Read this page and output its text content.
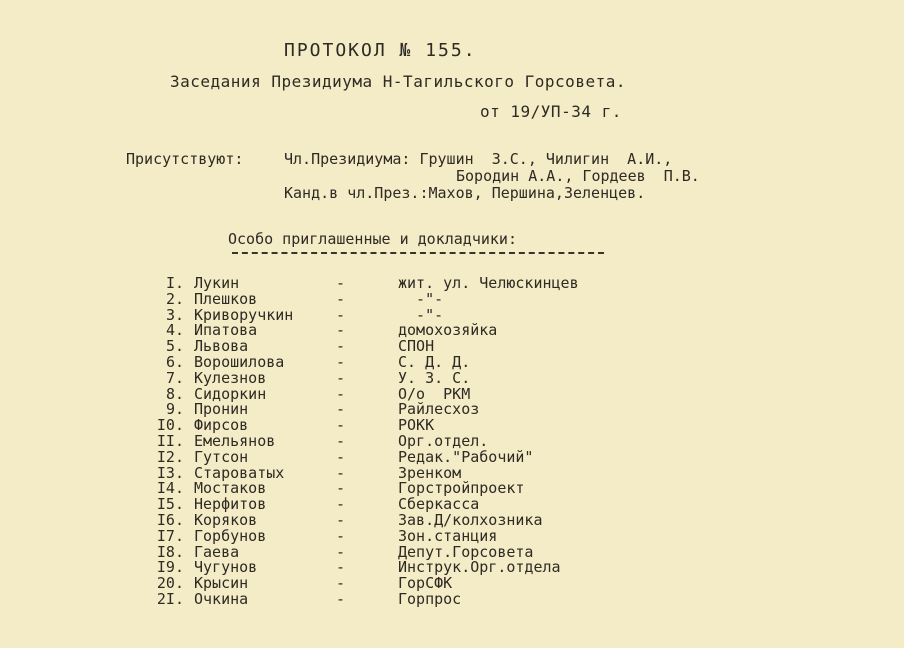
ПРОТОКОЛ № 155.
Заседания Президиума Н-Тагильского Горсовета.
от 19/УП-34 г.
Присутствуют:	Чл.Президиума: Грушин  З.С., Чилигин  А.И.,
Бородин А.А., Гордеев  П.В.
Канд.в чл.През.:Махов, Першина,Зеленцев.
Особо приглашенные и докладчики:
I. Лукин	-	жит. ул. Челюскинцев
2. Плешков	-	-"-
3. Криворучкин	-	-"-
4. Ипатова	-	домохозяйка
5. Львова	-	СПОН
6. Ворошилова	-	С. Д. Д.
7. Кулезнов	-	У. З. С.
8. Сидоркин	-	О/о  РКМ
9. Пронин	-	Райлесхоз
I0. Фирсов	-	РОКК
II. Емельянов	-	Орг.отдел.
I2. Гутсон	-	Редак."Рабочий"
I3. Староватых	-	Зренком
I4. Мостаков	-	Горстройпроект
I5. Нерфитов	-	Сберкасса
I6. Коряков	-	Зав.Д/колхозника
I7. Горбунов	-	Зон.станция
I8. Гаева	-	Депут.Горсовета
I9. Чугунов	-	Инструк.Орг.отдела
20. Крысин	-	ГорСФК
2I. Очкина	-	Горпрос
